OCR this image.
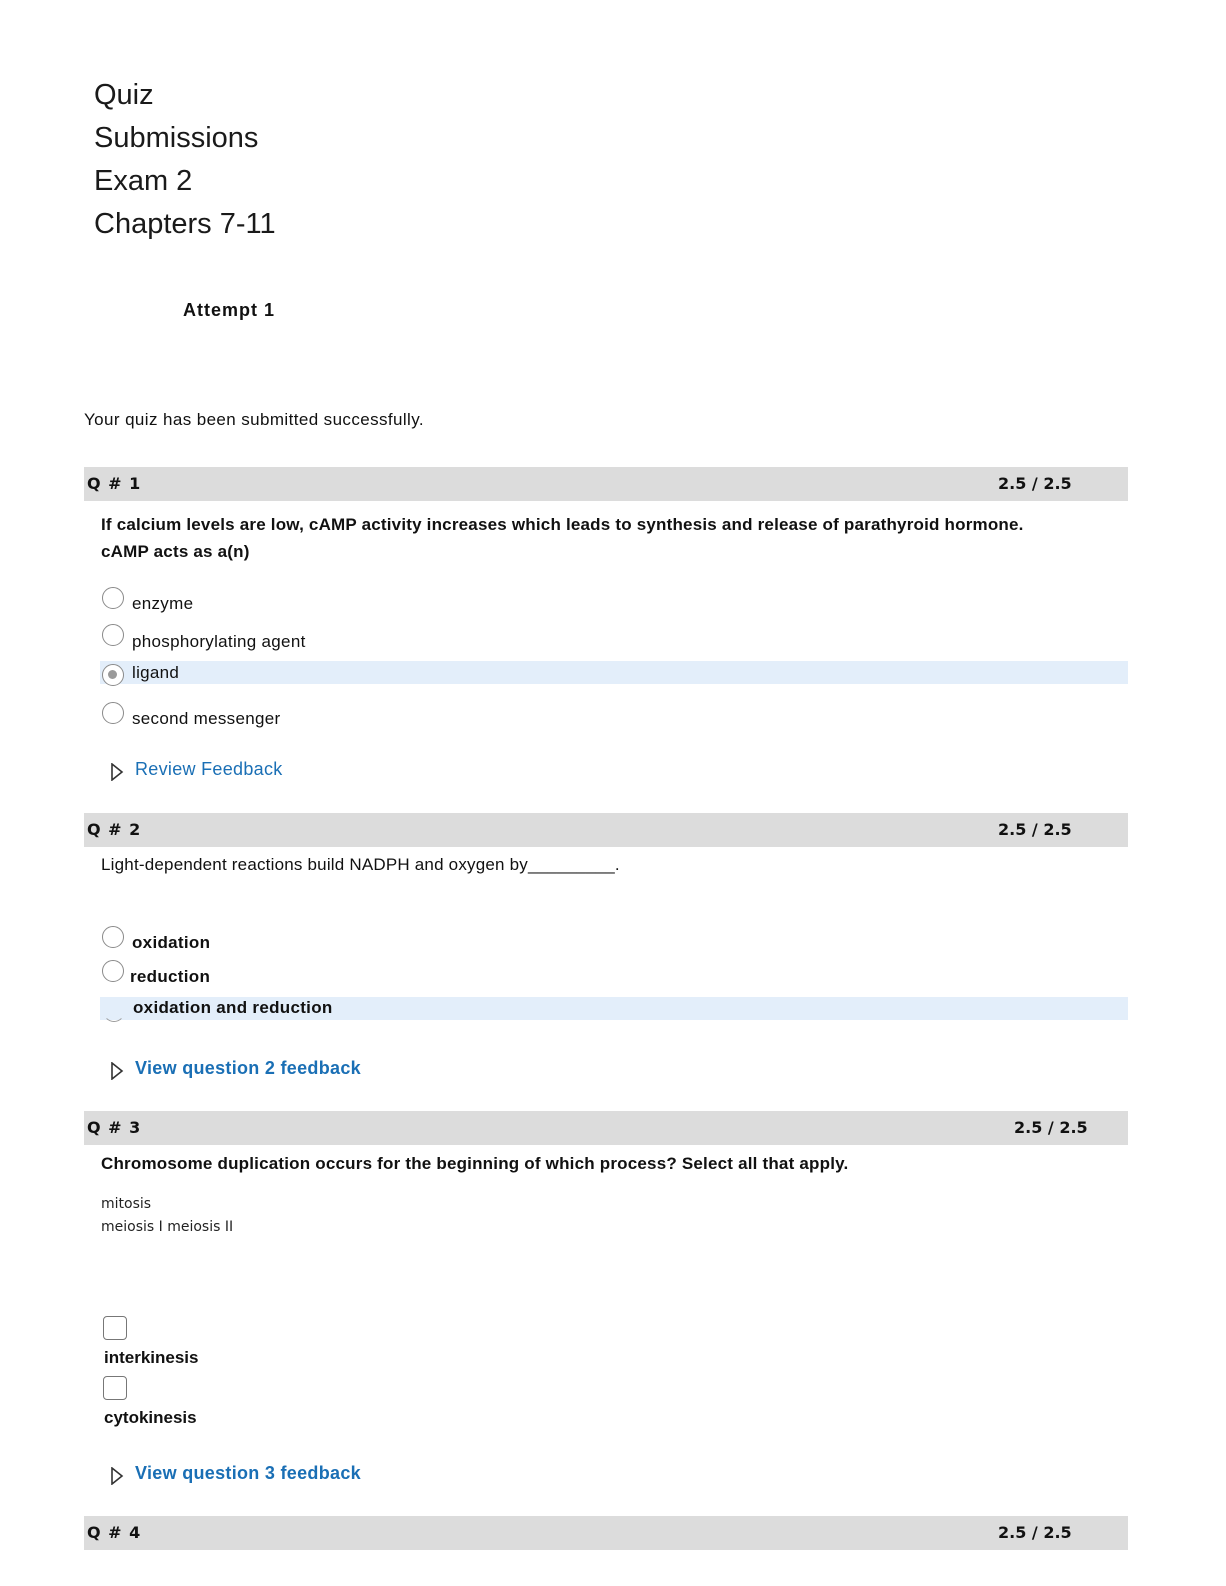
Quiz
Submissions
Exam 2
Chapters 7-11
Attempt 1
Your quiz has been submitted successfully.
Q # 1	2.5 / 2.5
If calcium levels are low, cAMP activity increases which leads to synthesis and release of parathyroid hormone. cAMP acts as a(n)
enzyme
phosphorylating agent
ligand
second messenger
Review Feedback
Q # 2	2.5 / 2.5
Light-dependent reactions build NADPH and oxygen by_________.
oxidation
reduction
oxidation and reduction
View question 2 feedback
Q # 3	2.5 / 2.5
Chromosome duplication occurs for the beginning of which process? Select all that apply.
mitosis
meiosis I meiosis II
interkinesis
cytokinesis
View question 3 feedback
Q # 4	2.5 / 2.5
